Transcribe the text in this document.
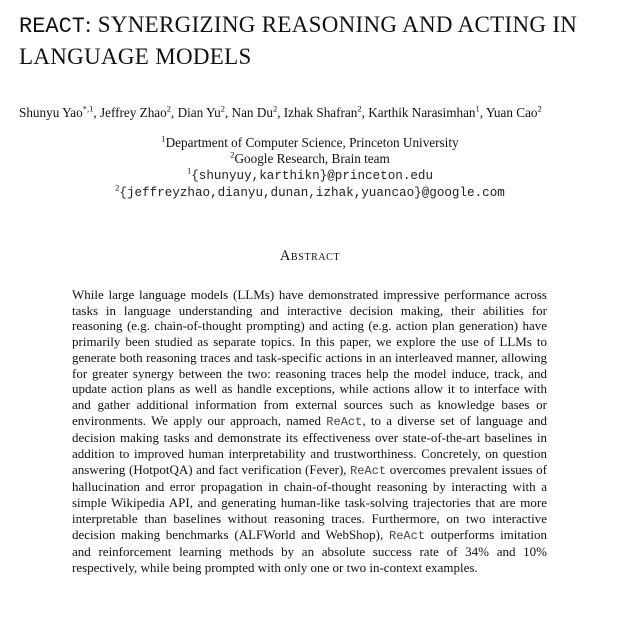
REACT: SYNERGIZING REASONING AND ACTING IN
LANGUAGE MODELS
Shunyu Yao$^{*,1}$, Jeffrey Zhao$^2$, Dian Yu$^2$, Nan Du$^2$, Izhak Shafran$^2$, Karthik Narasimhan$^1$, Yuan Cao$^2$
$^1$Department of Computer Science, Princeton University
$^2$Google Research, Brain team
$^1${shunyuy,karthikn}@princeton.edu
$^2${jeffreyzhao,dianyu,dunan,izhak,yuancao}@google.com
Abstract
While large language models (LLMs) have demonstrated impressive performance across tasks in language understanding and interactive decision making, their abilities for reasoning (e.g. chain-of-thought prompting) and acting (e.g. action plan generation) have primarily been studied as separate topics. In this paper, we explore the use of LLMs to generate both reasoning traces and task-specific actions in an interleaved manner, allowing for greater synergy between the two: reasoning traces help the model induce, track, and update action plans as well as handle exceptions, while actions allow it to interface with and gather additional information from external sources such as knowledge bases or environments. We apply our approach, named ReAct, to a diverse set of language and decision making tasks and demonstrate its effectiveness over state-of-the-art baselines in addition to improved human interpretability and trustworthiness. Concretely, on question answering (HotpotQA) and fact verification (Fever), ReAct overcomes prevalent issues of hallucination and error propagation in chain-of-thought reasoning by interacting with a simple Wikipedia API, and generating human-like task-solving trajectories that are more interpretable than baselines without reasoning traces. Furthermore, on two interactive decision making benchmarks (ALFWorld and WebShop), ReAct outperforms imitation and reinforcement learning methods by an absolute success rate of 34% and 10% respectively, while being prompted with only one or two in-context examples.
